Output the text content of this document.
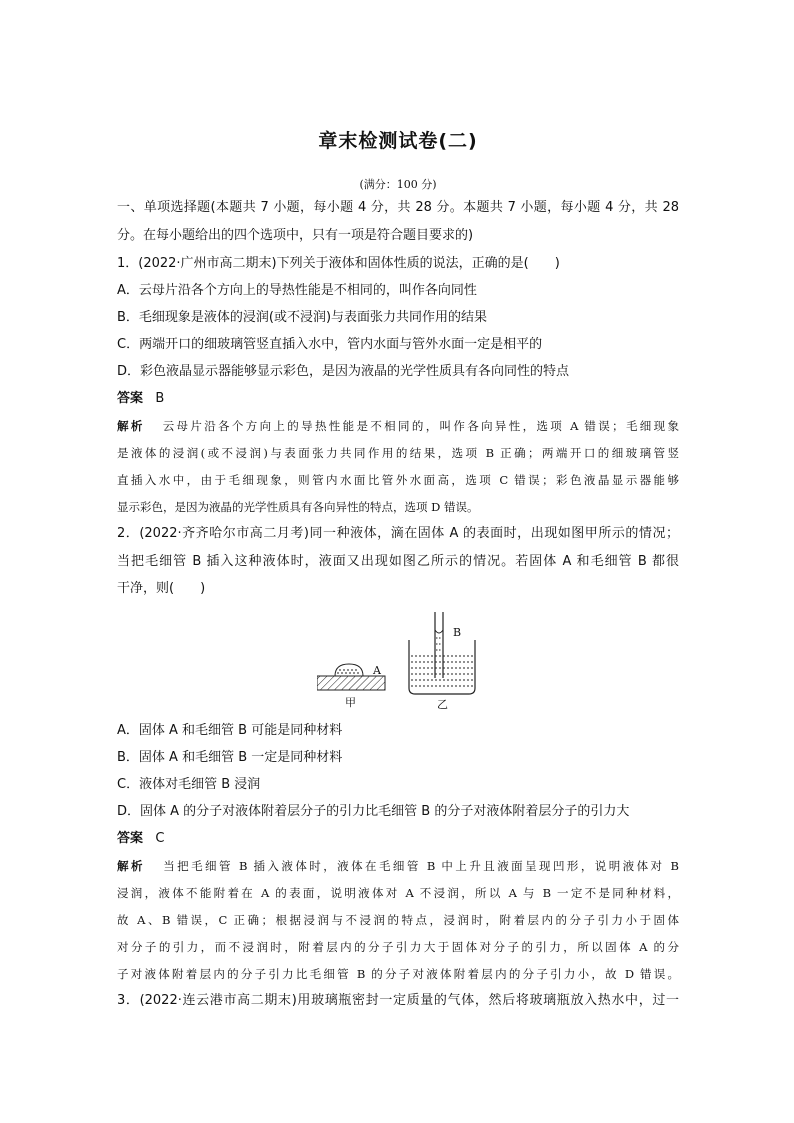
章末检测试卷(二)
(满分：100 分)
一、单项选择题(本题共 7 小题，每小题 4 分，共 28 分。本题共 7 小题，每小题 4 分，共 28
分。在每小题给出的四个选项中，只有一项是符合题目要求的)
1．(2022·广州市高二期末)下列关于液体和固体性质的说法，正确的是(　　)
A．云母片沿各个方向上的导热性能是不相同的，叫作各向同性
B．毛细现象是液体的浸润(或不浸润)与表面张力共同作用的结果
C．两端开口的细玻璃管竖直插入水中，管内水面与管外水面一定是相平的
D．彩色液晶显示器能够显示彩色，是因为液晶的光学性质具有各向同性的特点
答案 B
解析 云母片沿各个方向上的导热性能是不相同的，叫作各向异性，选项 A 错误；毛细现象
是液体的浸润(或不浸润)与表面张力共同作用的结果，选项 B 正确；两端开口的细玻璃管竖
直插入水中，由于毛细现象，则管内水面比管外水面高，选项 C 错误；彩色液晶显示器能够
显示彩色，是因为液晶的光学性质具有各向异性的特点，选项 D 错误。
2．(2022·齐齐哈尔市高二月考)同一种液体，滴在固体 A 的表面时，出现如图甲所示的情况；
当把毛细管 B 插入这种液体时，液面又出现如图乙所示的情况。若固体 A 和毛细管 B 都很
干净，则(　　)
A
B
甲	乙
A．固体 A 和毛细管 B 可能是同种材料
B．固体 A 和毛细管 B 一定是同种材料
C．液体对毛细管 B 浸润
D．固体 A 的分子对液体附着层分子的引力比毛细管 B 的分子对液体附着层分子的引力大
答案 C
解析 当把毛细管 B 插入液体时，液体在毛细管 B 中上升且液面呈现凹形，说明液体对 B
浸润，液体不能附着在 A 的表面，说明液体对 A 不浸润，所以 A 与 B 一定不是同种材料，
故 A、B 错误，C 正确；根据浸润与不浸润的特点，浸润时，附着层内的分子引力小于固体
对分子的引力，而不浸润时，附着层内的分子引力大于固体对分子的引力，所以固体 A 的分
子对液体附着层内的分子引力比毛细管 B 的分子对液体附着层内的分子引力小，故 D 错误。
3．(2022·连云港市高二期末)用玻璃瓶密封一定质量的气体，然后将玻璃瓶放入热水中，过一
